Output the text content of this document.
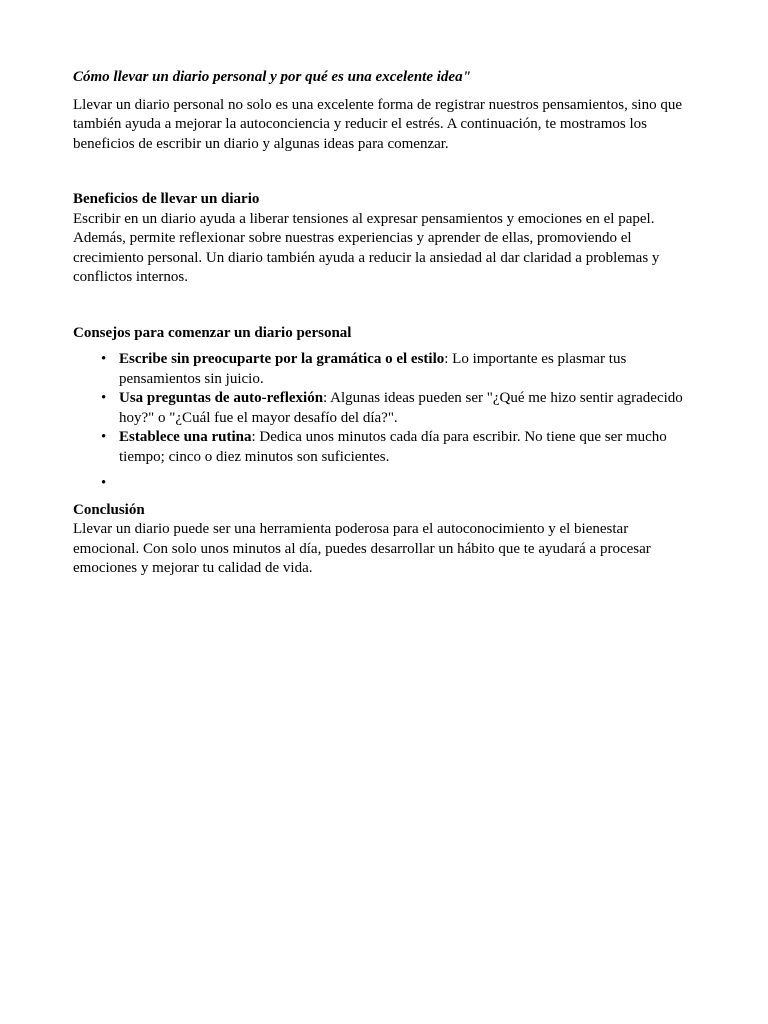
Cómo llevar un diario personal y por qué es una excelente idea"

Llevar un diario personal no solo es una excelente forma de registrar nuestros pensamientos, sino que también ayuda a mejorar la autoconciencia y reducir el estrés. A continuación, te mostramos los beneficios de escribir un diario y algunas ideas para comenzar.

Beneficios de llevar un diario

Escribir en un diario ayuda a liberar tensiones al expresar pensamientos y emociones en el papel. Además, permite reflexionar sobre nuestras experiencias y aprender de ellas, promoviendo el crecimiento personal. Un diario también ayuda a reducir la ansiedad al dar claridad a problemas y conflictos internos.

Consejos para comenzar un diario personal

• Escribe sin preocuparte por la gramática o el estilo: Lo importante es plasmar tus pensamientos sin juicio.
• Usa preguntas de auto-reflexión: Algunas ideas pueden ser "¿Qué me hizo sentir agradecido hoy?" o "¿Cuál fue el mayor desafío del día?".
• Establece una rutina: Dedica unos minutos cada día para escribir. No tiene que ser mucho tiempo; cinco o diez minutos son suficientes.
•

Conclusión

Llevar un diario puede ser una herramienta poderosa para el autoconocimiento y el bienestar emocional. Con solo unos minutos al día, puedes desarrollar un hábito que te ayudará a procesar emociones y mejorar tu calidad de vida.
